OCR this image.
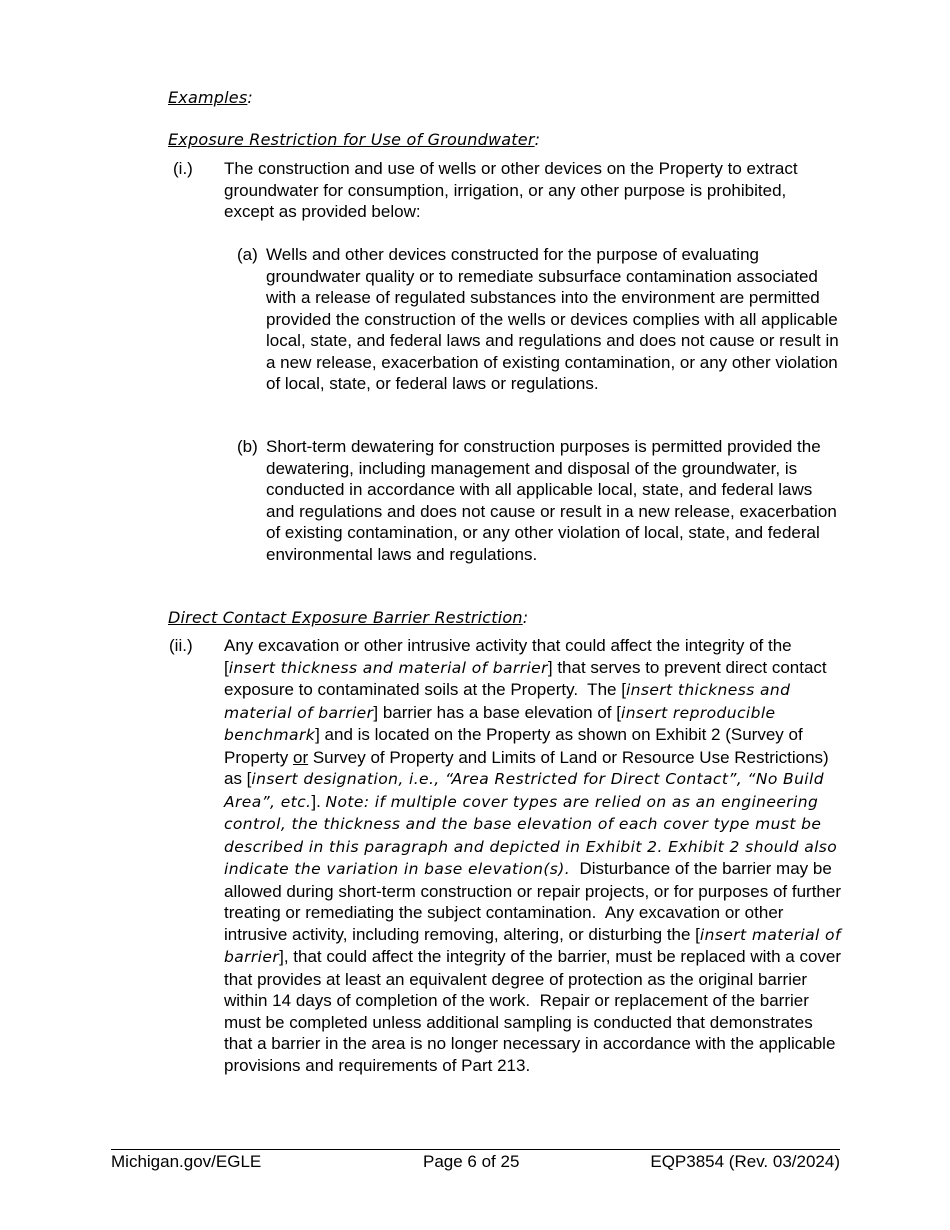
Examples:
Exposure Restriction for Use of Groundwater:
(i.) The construction and use of wells or other devices on the Property to extract groundwater for consumption, irrigation, or any other purpose is prohibited, except as provided below:
(a) Wells and other devices constructed for the purpose of evaluating groundwater quality or to remediate subsurface contamination associated with a release of regulated substances into the environment are permitted provided the construction of the wells or devices complies with all applicable local, state, and federal laws and regulations and does not cause or result in a new release, exacerbation of existing contamination, or any other violation of local, state, or federal laws or regulations.
(b) Short-term dewatering for construction purposes is permitted provided the dewatering, including management and disposal of the groundwater, is conducted in accordance with all applicable local, state, and federal laws and regulations and does not cause or result in a new release, exacerbation of existing contamination, or any other violation of local, state, and federal environmental laws and regulations.
Direct Contact Exposure Barrier Restriction:
(ii.) Any excavation or other intrusive activity that could affect the integrity of the [insert thickness and material of barrier] that serves to prevent direct contact exposure to contaminated soils at the Property.  The [insert thickness and material of barrier] barrier has a base elevation of [insert reproducible benchmark] and is located on the Property as shown on Exhibit 2 (Survey of Property or Survey of Property and Limits of Land or Resource Use Restrictions) as [insert designation, i.e., “Area Restricted for Direct Contact”, “No Build Area”, etc.]. Note: if multiple cover types are relied on as an engineering control, the thickness and the base elevation of each cover type must be described in this paragraph and depicted in Exhibit 2. Exhibit 2 should also indicate the variation in base elevation(s).  Disturbance of the barrier may be allowed during short-term construction or repair projects, or for purposes of further treating or remediating the subject contamination.  Any excavation or other intrusive activity, including removing, altering, or disturbing the [insert material of barrier], that could affect the integrity of the barrier, must be replaced with a cover that provides at least an equivalent degree of protection as the original barrier within 14 days of completion of the work.  Repair or replacement of the barrier must be completed unless additional sampling is conducted that demonstrates that a barrier in the area is no longer necessary in accordance with the applicable provisions and requirements of Part 213.
Michigan.gov/EGLE	Page 6 of 25	EQP3854 (Rev. 03/2024)
